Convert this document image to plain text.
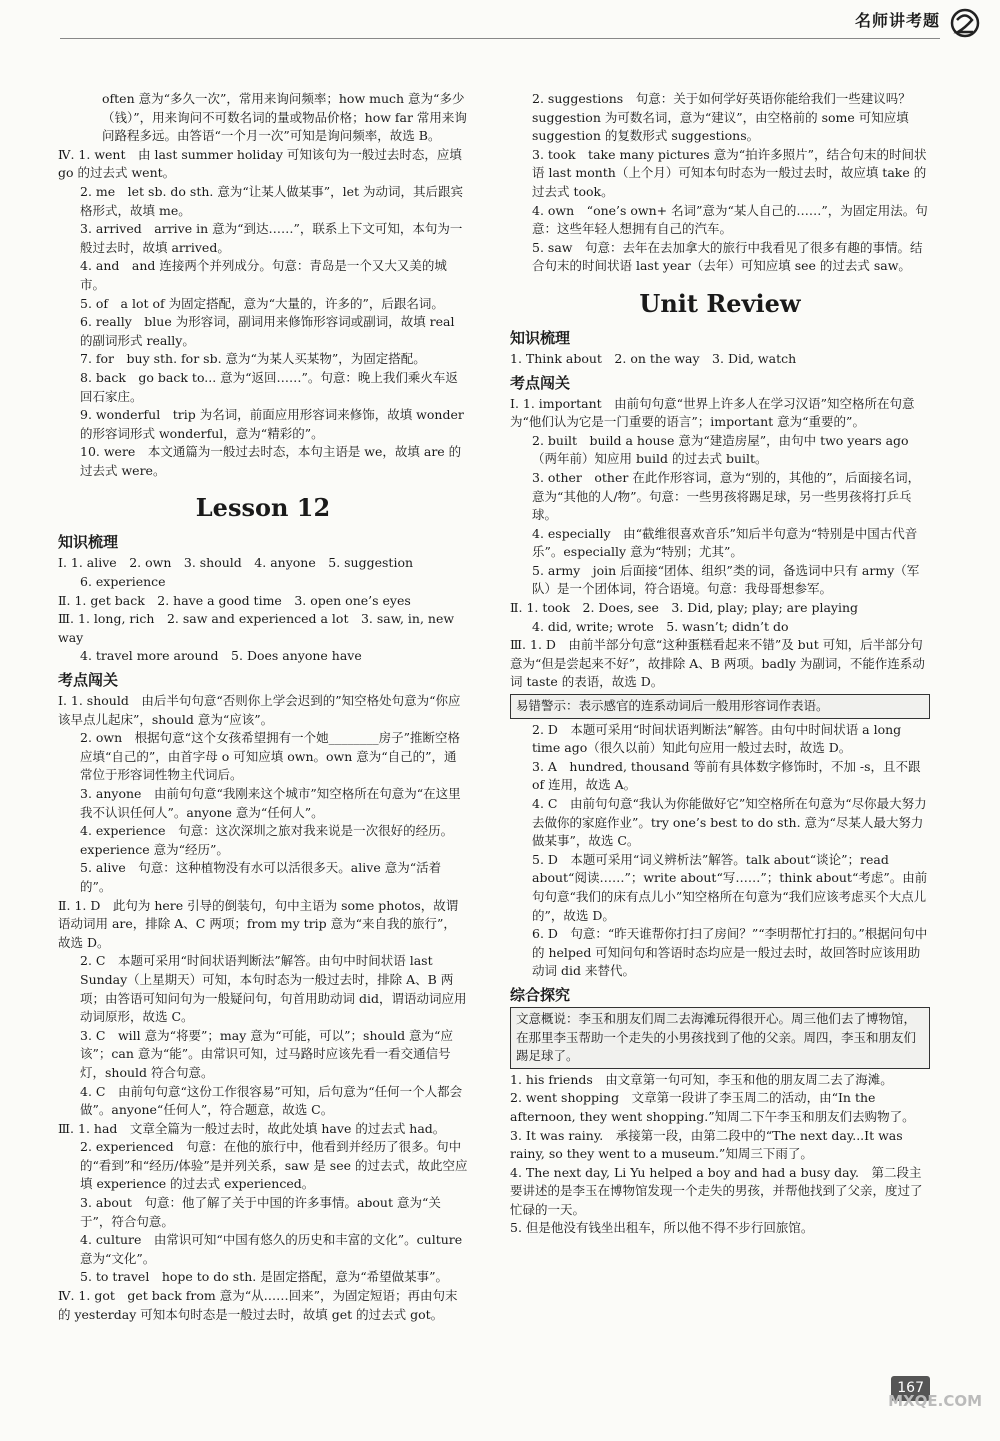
名师讲考题

often 意为“多久一次”，常用来询问频率；how much 意为“多少（钱）”，用来询问不可数名词的量或物品价格；how far 常用来询问路程多远。由答语“一个月一次”可知是询问频率，故选 B。

Ⅳ. 1. went　由 last summer holiday 可知该句为一般过去时态，应填 go 的过去式 went。

2. me　let sb. do sth. 意为“让某人做某事”，let 为动词，其后跟宾格形式，故填 me。

3. arrived　arrive in 意为“到达……”，联系上下文可知，本句为一般过去时，故填 arrived。

4. and　and 连接两个并列成分。句意：青岛是一个又大又美的城市。

5. of　a lot of 为固定搭配，意为“大量的，许多的”，后跟名词。

6. really　blue 为形容词，副词用来修饰形容词或副词，故填 real 的副词形式 really。

7. for　buy sth. for sb. 意为“为某人买某物”，为固定搭配。

8. back　go back to... 意为“返回……”。句意：晚上我们乘火车返回石家庄。

9. wonderful　trip 为名词，前面应用形容词来修饰，故填 wonder 的形容词形式 wonderful，意为“精彩的”。

10. were　本文通篇为一般过去时态，本句主语是 we，故填 are 的过去式 were。

Lesson 12
知识梳理

Ⅰ. 1. alive　2. own　3. should　4. anyone　5. suggestion

6. experience

Ⅱ. 1. get back　2. have a good time　3. open one’s eyes

Ⅲ. 1. long, rich　2. saw and experienced a lot　3. saw, in, new way

4. travel more around　5. Does anyone have

考点闯关

Ⅰ. 1. should　由后半句句意“否则你上学会迟到的”知空格处句意为“你应该早点儿起床”，should 意为“应该”。

2. own　根据句意“这个女孩希望拥有一个她________房子”推断空格应填“自己的”，由首字母 o 可知应填 own。own 意为“自己的”，通常位于形容词性物主代词后。

3. anyone　由前句句意“我刚来这个城市”知空格所在句意为“在这里我不认识任何人”。anyone 意为“任何人”。

4. experience　句意：这次深圳之旅对我来说是一次很好的经历。experience 意为“经历”。

5. alive　句意：这种植物没有水可以活很多天。alive 意为“活着的”。

Ⅱ. 1. D　此句为 here 引导的倒装句，句中主语为 some photos，故谓语动词用 are，排除 A、C 两项；from my trip 意为“来自我的旅行”，故选 D。

2. C　本题可采用“时间状语判断法”解答。由句中时间状语 last Sunday（上星期天）可知，本句时态为一般过去时，排除 A、B 两项；由答语可知问句为一般疑问句，句首用助动词 did，谓语动词应用动词原形，故选 C。

3. C　will 意为“将要”；may 意为“可能，可以”；should 意为“应该”；can 意为“能”。由常识可知，过马路时应该先看一看交通信号灯，should 符合句意。

4. C　由前句句意“这份工作很容易”可知，后句意为“任何一个人都会做”。anyone“任何人”，符合题意，故选 C。

Ⅲ. 1. had　文章全篇为一般过去时，故此处填 have 的过去式 had。

2. experienced　句意：在他的旅行中，他看到并经历了很多。句中的“看到”和“经历/体验”是并列关系，saw 是 see 的过去式，故此空应填 experience 的过去式 experienced。

3. about　句意：他了解了关于中国的许多事情。about 意为“关于”，符合句意。

4. culture　由常识可知“中国有悠久的历史和丰富的文化”。culture 意为“文化”。

5. to travel　hope to do sth. 是固定搭配，意为“希望做某事”。

Ⅳ. 1. got　get back from 意为“从……回来”，为固定短语；再由句末的 yesterday 可知本句时态是一般过去时，故填 get 的过去式 got。

2. suggestions　句意：关于如何学好英语你能给我们一些建议吗？suggestion 为可数名词，意为“建议”，由空格前的 some 可知应填 suggestion 的复数形式 suggestions。

3. took　take many pictures 意为“拍许多照片”，结合句末的时间状语 last month（上个月）可知本句时态为一般过去时，故应填 take 的过去式 took。

4. own　“one’s own+ 名词”意为“某人自己的……”，为固定用法。句意：这些年轻人想拥有自己的汽车。

5. saw　句意：去年在去加拿大的旅行中我看见了很多有趣的事情。结合句末的时间状语 last year（去年）可知应填 see 的过去式 saw。

Unit Review
知识梳理

1. Think about　2. on the way　3. Did, watch

考点闯关

Ⅰ. 1. important　由前句句意“世界上许多人在学习汉语”知空格所在句意为“他们认为它是一门重要的语言”；important 意为“重要的”。

2. built　build a house 意为“建造房屋”，由句中 two years ago（两年前）知应用 build 的过去式 built。

3. other　other 在此作形容词，意为“别的，其他的”，后面接名词，意为“其他的人/物”。句意：一些男孩将踢足球，另一些男孩将打乒乓球。

4. especially　由“截维很喜欢音乐”知后半句意为“特别是中国古代音乐”。especially 意为“特别；尤其”。

5. army　join 后面接“团体、组织”类的词，备选词中只有 army（军队）是一个团体词，符合语境。句意：我母哥想参军。

Ⅱ. 1. took　2. Does, see　3. Did, play; play; are playing

4. did, write; wrote　5. wasn’t; didn’t do

Ⅲ. 1. D　由前半部分句意“这种蛋糕看起来不错”及 but 可知，后半部分句意为“但是尝起来不好”，故排除 A、B 两项。badly 为副词，不能作连系动词 taste 的表语，故选 D。

易错警示：表示感官的连系动词后一般用形容词作表语。

2. D　本题可采用“时间状语判断法”解答。由句中时间状语 a long time ago（很久以前）知此句应用一般过去时，故选 D。

3. A　hundred, thousand 等前有具体数字修饰时，不加 -s，且不跟 of 连用，故选 A。

4. C　由前句句意“我认为你能做好它”知空格所在句意为“尽你最大努力去做你的家庭作业”。try one’s best to do sth. 意为“尽某人最大努力做某事”，故选 C。

5. D　本题可采用“词义辨析法”解答。talk about“谈论”；read about“阅读……”；write about“写……”；think about“考虑”。由前句句意“我们的床有点儿小”知空格所在句意为“我们应该考虑买个大点儿的”，故选 D。

6. D　句意：“昨天谁帮你打扫了房间？”“李明帮忙打扫的。”根据问句中的 helped 可知问句和答语时态均应是一般过去时，故回答时应该用助动词 did 来替代。

综合探究
文意概说：李玉和朋友们周二去海滩玩得很开心。周三他们去了博物馆，在那里李玉帮助一个走失的小男孩找到了他的父亲。周四，李玉和朋友们踢足球了。

1. his friends　由文章第一句可知，李玉和他的朋友周二去了海滩。

2. went shopping　文章第一段讲了李玉周二的活动，由“In the afternoon, they went shopping.”知周二下午李玉和朋友们去购物了。

3. It was rainy.　承接第一段，由第二段中的“The next day...It was rainy, so they went to a museum.”知周三下雨了。

4. The next day, Li Yu helped a boy and had a busy day.　第二段主要讲述的是李玉在博物馆发现一个走失的男孩，并帮他找到了父亲，度过了忙碌的一天。

5. 但是他没有钱坐出租车，所以他不得不步行回旅馆。

167
MXQE.COM
